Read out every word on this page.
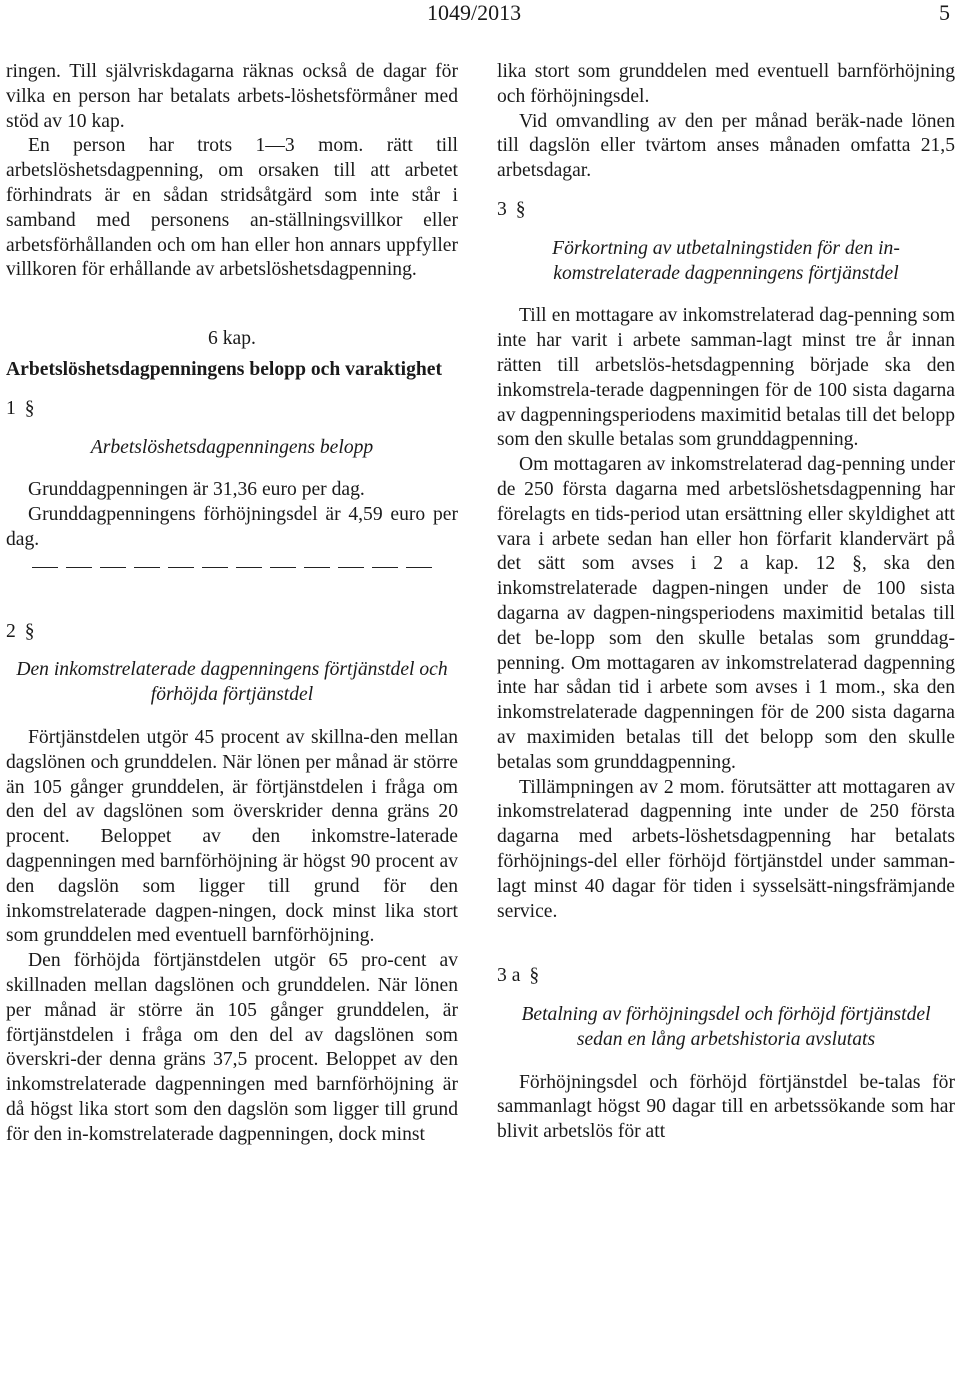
1049/2013	5

ringen. Till självriskdagarna räknas också de dagar för vilka en person har betalats arbets-löshetsförmåner med stöd av 10 kap.

En person har trots 1—3 mom. rätt till arbetslöshetsdagpenning, om orsaken till att arbetet förhindrats är en sådan stridsåtgärd som inte står i samband med personens an-ställningsvillkor eller arbetsförhållanden och om han eller hon annars uppfyller villkoren för erhållande av arbetslöshetsdagpenning.

6 kap.

Arbetslöshetsdagpenningens belopp och varaktighet

1 §

Arbetslöshetsdagpenningens belopp

Grunddagpenningen är 31,36 euro per dag.

Grunddagpenningens förhöjningsdel är 4,59 euro per dag.

2 §

Den inkomstrelaterade dagpenningens förtjänstdel och förhöjda förtjänstdel

Förtjänstdelen utgör 45 procent av skillna-den mellan dagslönen och grunddelen. När lönen per månad är större än 105 gånger grunddelen, är förtjänstdelen i fråga om den del av dagslönen som överskrider denna gräns 20 procent. Beloppet av den inkomstre-laterade dagpenningen med barnförhöjning är högst 90 procent av den dagslön som ligger till grund för den inkomstrelaterade dagpen-ningen, dock minst lika stort som grunddelen med eventuell barnförhöjning.

Den förhöjda förtjänstdelen utgör 65 pro-cent av skillnaden mellan dagslönen och grunddelen. När lönen per månad är större än 105 gånger grunddelen, är förtjänstdelen i fråga om den del av dagslönen som överskri-der denna gräns 37,5 procent. Beloppet av den inkomstrelaterade dagpenningen med barnförhöjning är då högst lika stort som den dagslön som ligger till grund för den in-komstrelaterade dagpenningen, dock minst

lika stort som grunddelen med eventuell barnförhöjning och förhöjningsdel.

Vid omvandling av den per månad beräk-nade lönen till dagslön eller tvärtom anses månaden omfatta 21,5 arbetsdagar.

3 §

Förkortning av utbetalningstiden för den in-komstrelaterade dagpenningens förtjänstdel

Till en mottagare av inkomstrelaterad dag-penning som inte har varit i arbete samman-lagt minst tre år innan rätten till arbetslös-hetsdagpenning började ska den inkomstrela-terade dagpenningen för de 100 sista dagarna av dagpenningsperiodens maximitid betalas till det belopp som den skulle betalas som grunddagpenning.

Om mottagaren av inkomstrelaterad dag-penning under de 250 första dagarna med arbetslöshetsdagpenning har förelagts en tids-period utan ersättning eller skyldighet att vara i arbete sedan han eller hon förfarit klandervärt på det sätt som avses i 2 a kap. 12 §, ska den inkomstrelaterade dagpen-ningen under de 100 sista dagarna av dagpen-ningsperiodens maximitid betalas till det be-lopp som den skulle betalas som grunddag-penning. Om mottagaren av inkomstrelaterad dagpenning inte har sådan tid i arbete som avses i 1 mom., ska den inkomstrelaterade dagpenningen för de 200 sista dagarna av maximiden betalas till det belopp som den skulle betalas som grunddagpenning.

Tillämpningen av 2 mom. förutsätter att mottagaren av inkomstrelaterad dagpenning inte under de 250 första dagarna med arbets-löshetsdagpenning har betalats förhöjnings-del eller förhöjd förtjänstdel under samman-lagt minst 40 dagar för tiden i sysselsätt-ningsfrämjande service.

3 a §

Betalning av förhöjningsdel och förhöjd förtjänstdel sedan en lång arbetshistoria avslutats

Förhöjningsdel och förhöjd förtjänstdel be-talas för sammanlagt högst 90 dagar till en arbetssökande som har blivit arbetslös för att
